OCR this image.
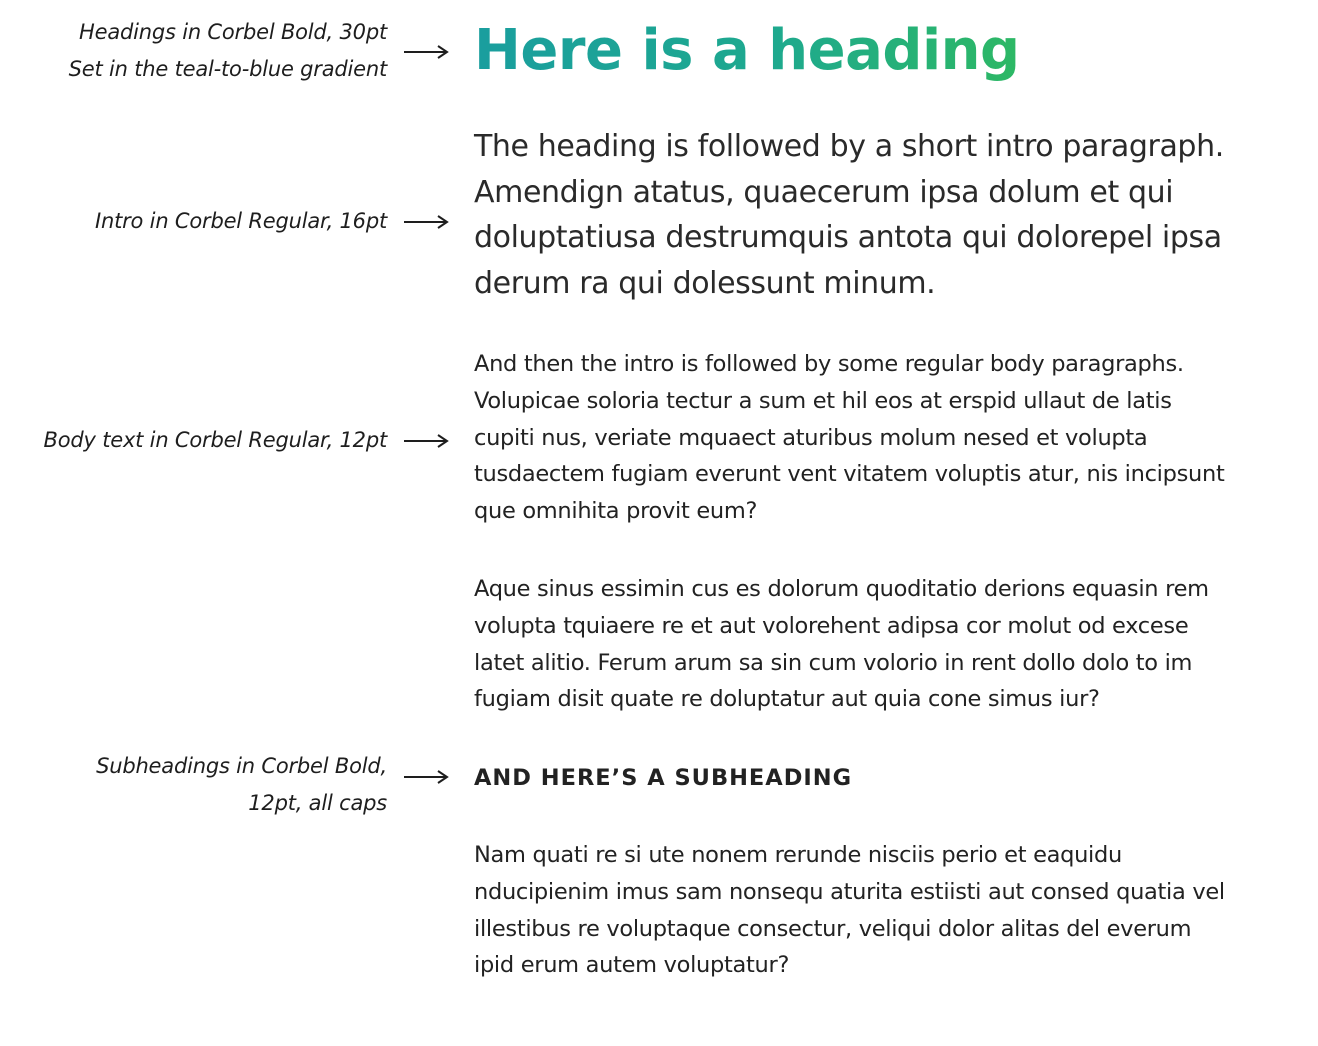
Headings in Corbel Bold, 30pt
Set in the teal-to-blue gradient
Intro in Corbel Regular, 16pt
Body text in Corbel Regular, 12pt
Subheadings in Corbel Bold,
12pt, all caps
Here is a heading
The heading is followed by a short intro paragraph.
Amendign atatus, quaecerum ipsa dolum et qui
doluptatiusa destrumquis antota qui dolorepel ipsa
derum ra qui dolessunt minum.
And then the intro is followed by some regular body paragraphs.
Volupicae soloria tectur a sum et hil eos at erspid ullaut de latis
cupiti nus, veriate mquaect aturibus molum nesed et volupta
tusdaectem fugiam everunt vent vitatem voluptis atur, nis incipsunt
que omnihita provit eum?
Aque sinus essimin cus es dolorum quoditatio derions equasin rem
volupta tquiaere re et aut volorehent adipsa cor molut od excese
latet alitio. Ferum arum sa sin cum volorio in rent dollo dolo to im
fugiam disit quate re doluptatur aut quia cone simus iur?
AND HERE’S A SUBHEADING
Nam quati re si ute nonem rerunde nisciis perio et eaquidu
nducipienim imus sam nonsequ aturita estiisti aut consed quatia vel
illestibus re voluptaque consectur, veliqui dolor alitas del everum
ipid erum autem voluptatur?
